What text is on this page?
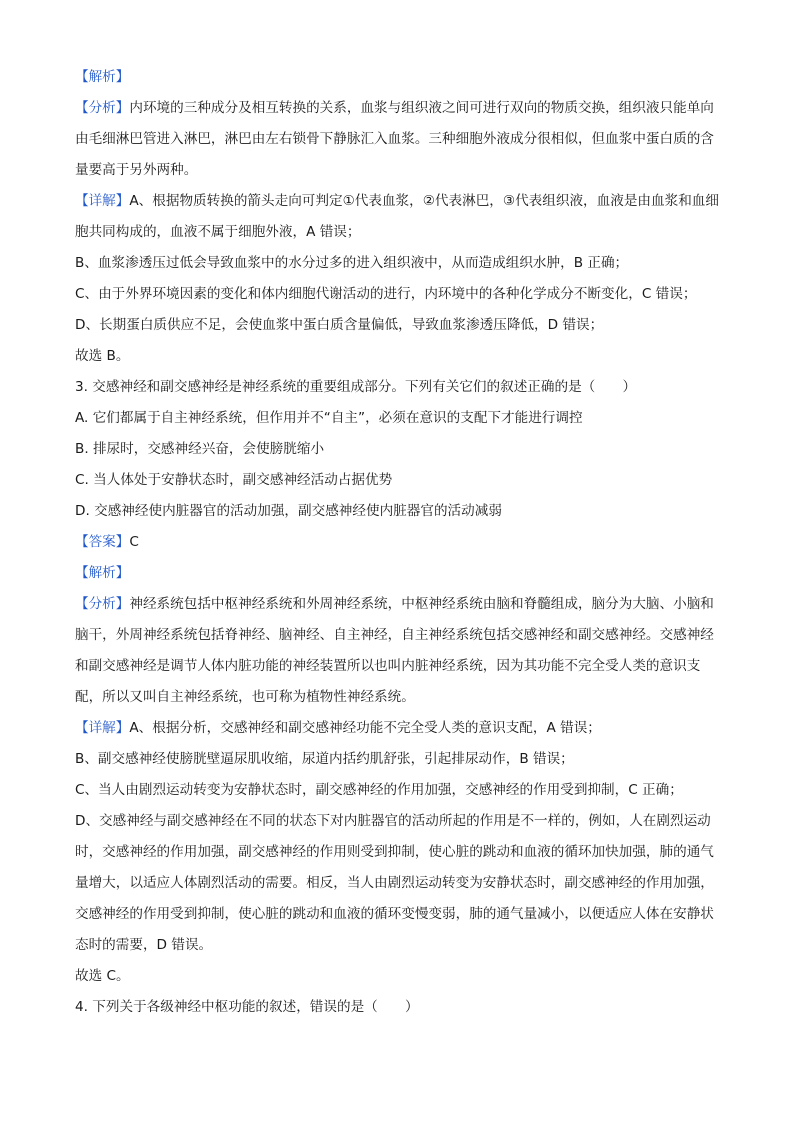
【解析】

【分析】内环境的三种成分及相互转换的关系，血浆与组织液之间可进行双向的物质交换，组织液只能单向由毛细淋巴管进入淋巴，淋巴由左右锁骨下静脉汇入血浆。三种细胞外液成分很相似，但血浆中蛋白质的含量要高于另外两种。

【详解】A、根据物质转换的箭头走向可判定①代表血浆，②代表淋巴，③代表组织液，血液是由血浆和血细胞共同构成的，血液不属于细胞外液，A 错误；

B、血浆渗透压过低会导致血浆中的水分过多的进入组织液中，从而造成组织水肿，B 正确；

C、由于外界环境因素的变化和体内细胞代谢活动的进行，内环境中的各种化学成分不断变化，C 错误；

D、长期蛋白质供应不足，会使血浆中蛋白质含量偏低，导致血浆渗透压降低，D 错误；

故选 B。

3. 交感神经和副交感神经是神经系统的重要组成部分。下列有关它们的叙述正确的是（　　）

A. 它们都属于自主神经系统，但作用并不“自主”，必须在意识的支配下才能进行调控

B. 排尿时，交感神经兴奋，会使膀胱缩小

C. 当人体处于安静状态时，副交感神经活动占据优势

D. 交感神经使内脏器官的活动加强，副交感神经使内脏器官的活动减弱

【答案】C

【解析】

【分析】神经系统包括中枢神经系统和外周神经系统，中枢神经系统由脑和脊髓组成，脑分为大脑、小脑和脑干，外周神经系统包括脊神经、脑神经、自主神经，自主神经系统包括交感神经和副交感神经。交感神经和副交感神经是调节人体内脏功能的神经装置所以也叫内脏神经系统，因为其功能不完全受人类的意识支配，所以又叫自主神经系统，也可称为植物性神经系统。

【详解】A、根据分析，交感神经和副交感神经功能不完全受人类的意识支配，A 错误；

B、副交感神经使膀胱壁逼尿肌收缩，尿道内括约肌舒张，引起排尿动作，B 错误；

C、当人由剧烈运动转变为安静状态时，副交感神经的作用加强，交感神经的作用受到抑制，C 正确；

D、交感神经与副交感神经在不同的状态下对内脏器官的活动所起的作用是不一样的，例如，人在剧烈运动时，交感神经的作用加强，副交感神经的作用则受到抑制，使心脏的跳动和血液的循环加快加强，肺的通气量增大，以适应人体剧烈活动的需要。相反，当人由剧烈运动转变为安静状态时，副交感神经的作用加强，交感神经的作用受到抑制，使心脏的跳动和血液的循环变慢变弱，肺的通气量减小，以便适应人体在安静状态时的需要，D 错误。

故选 C。

4. 下列关于各级神经中枢功能的叙述，错误的是（　　）
